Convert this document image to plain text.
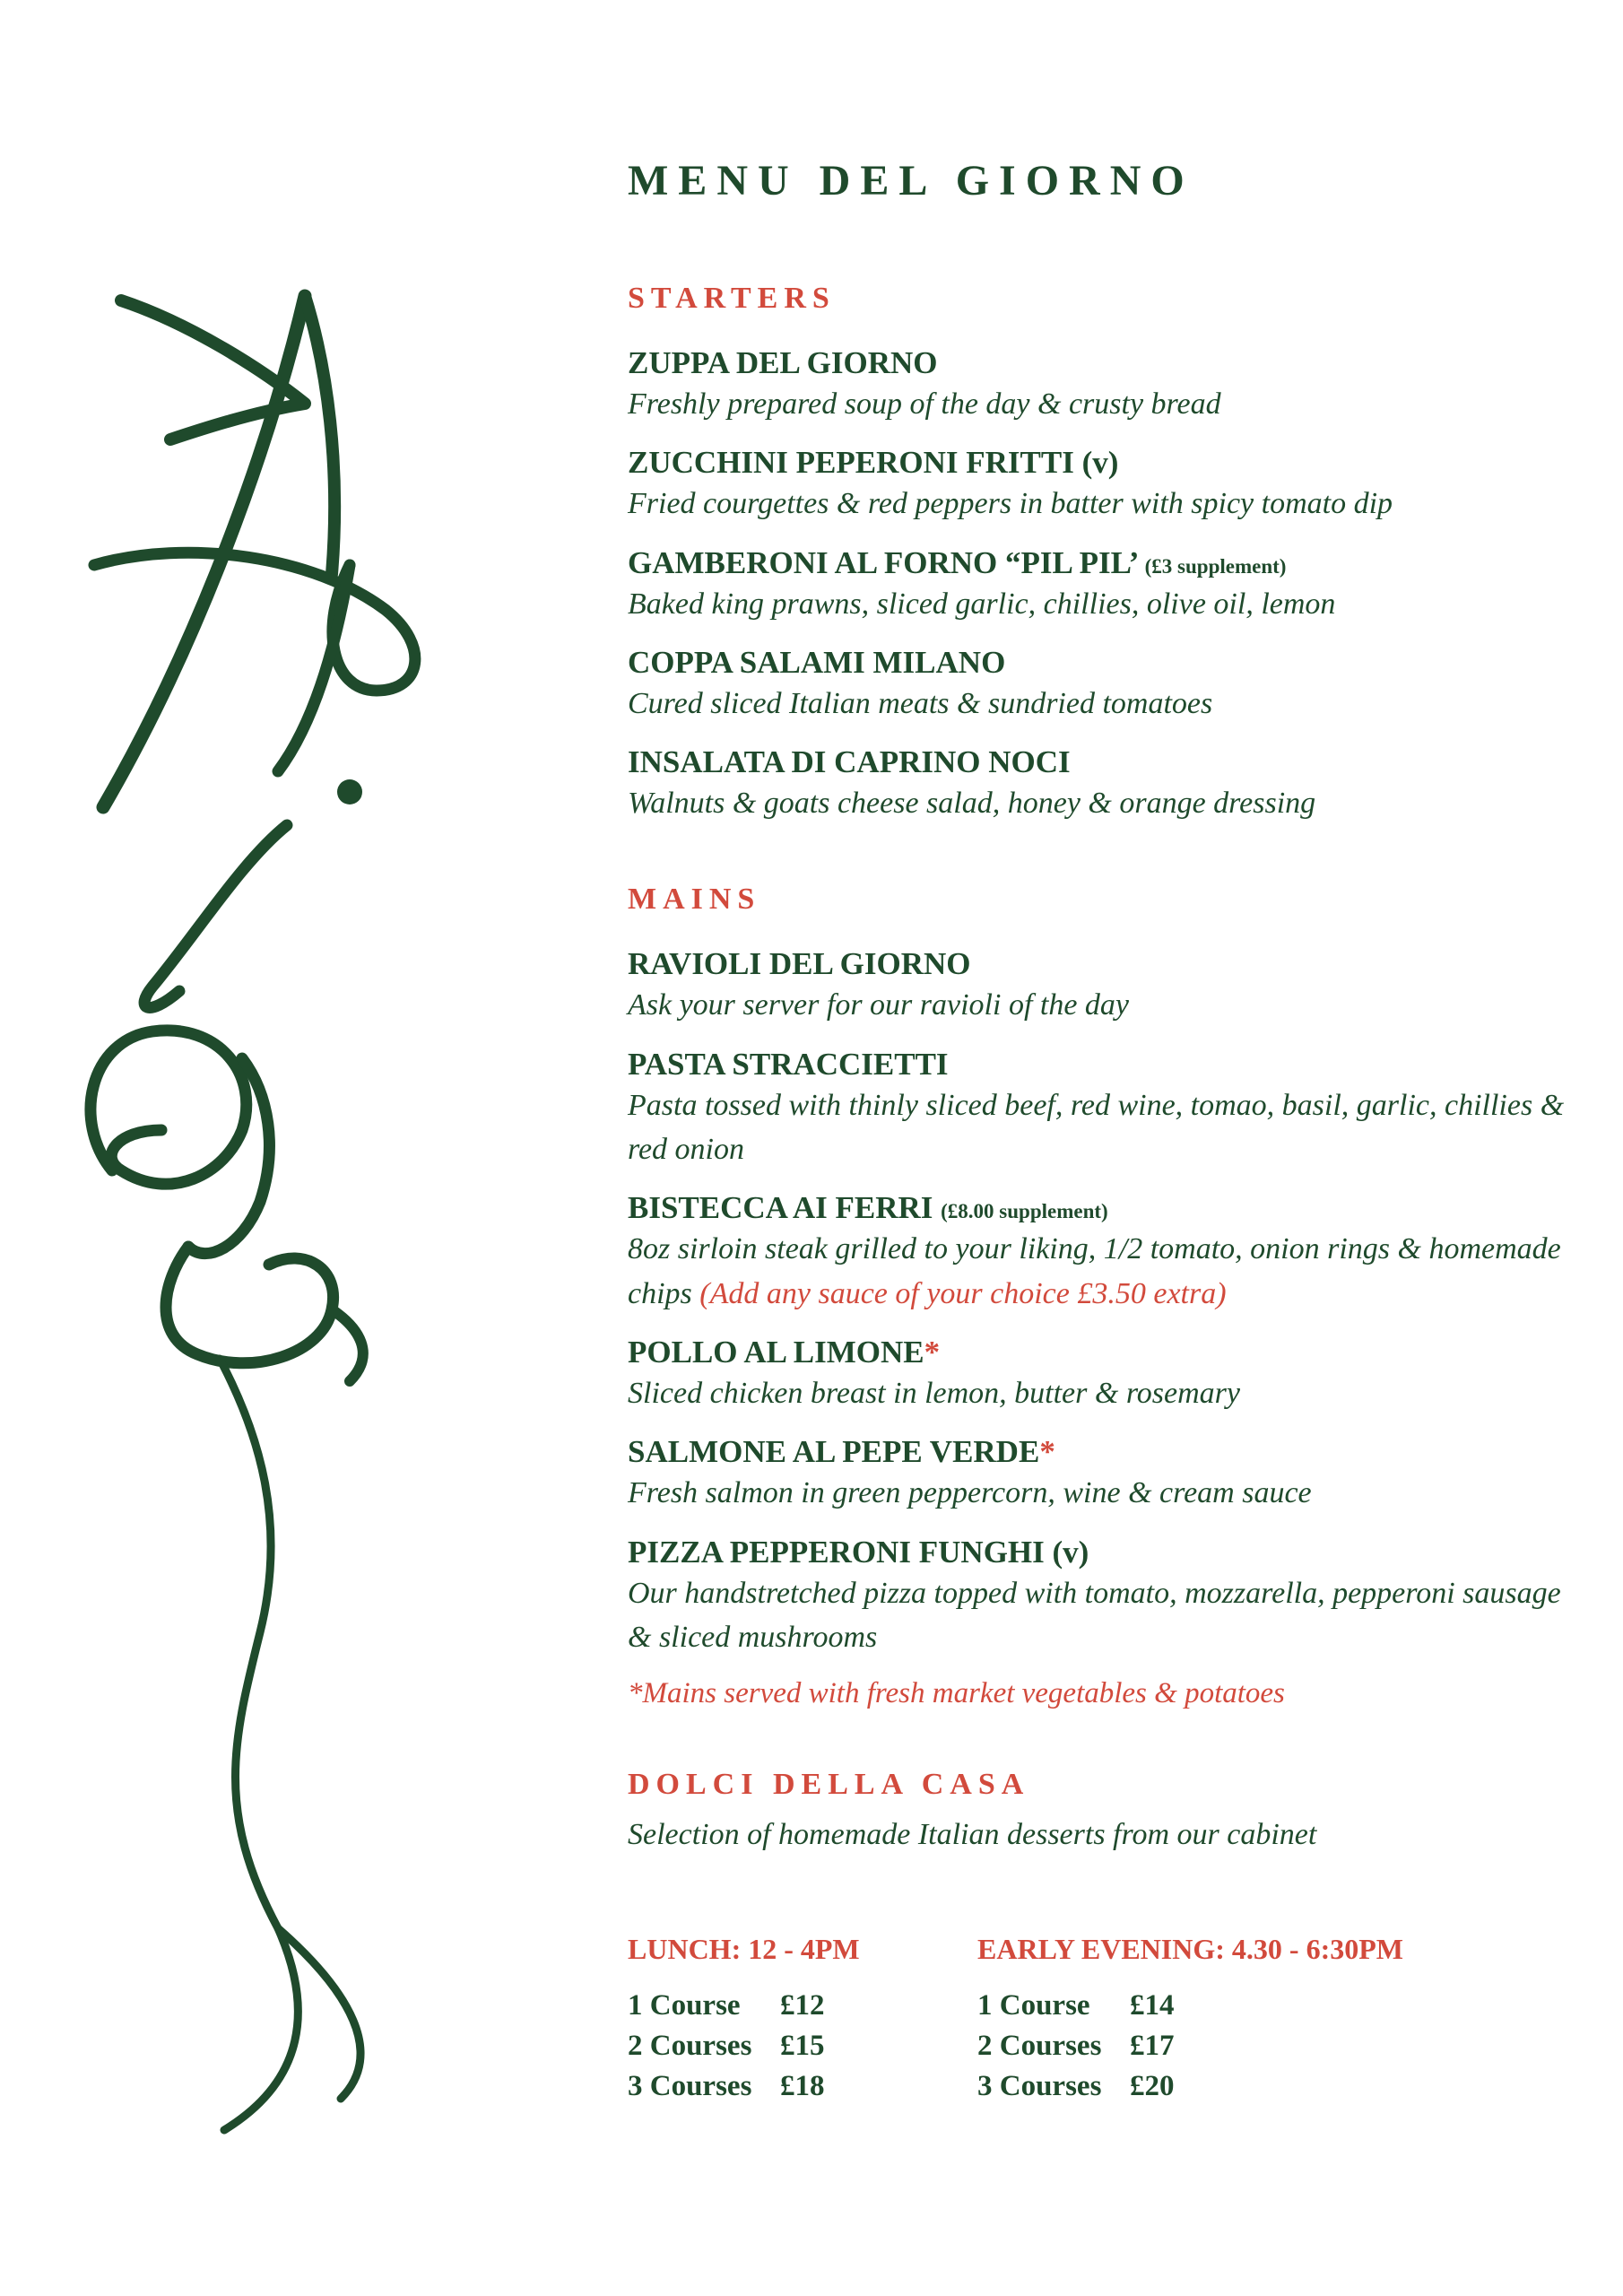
MENU DEL GIORNO
STARTERS
ZUPPA DEL GIORNO
Freshly prepared soup of the day & crusty bread
ZUCCHINI PEPERONI FRITTI (v)
Fried courgettes & red peppers in batter with spicy tomato dip
GAMBERONI AL FORNO “PIL PIL’ (£3 supplement)
Baked king prawns, sliced garlic, chillies, olive oil, lemon
COPPA SALAMI MILANO
Cured sliced Italian meats & sundried tomatoes
INSALATA DI CAPRINO NOCI
Walnuts & goats cheese salad, honey & orange dressing
MAINS
RAVIOLI DEL GIORNO
Ask your server for our ravioli of the day
PASTA STRACCIETTI
Pasta tossed with thinly sliced beef, red wine, tomao, basil, garlic, chillies & red onion
BISTECCA AI FERRI (£8.00 supplement)
8oz sirloin steak grilled to your liking, 1/2 tomato, onion rings & homemade chips (Add any sauce of your choice £3.50 extra)
POLLO AL LIMONE*
Sliced chicken breast in lemon, butter & rosemary
SALMONE AL PEPE VERDE*
Fresh salmon in green peppercorn, wine & cream sauce
PIZZA PEPPERONI FUNGHI (v)
Our handstretched pizza topped with tomato, mozzarella, pepperoni sausage & sliced mushrooms
*Mains served with fresh market vegetables & potatoes
DOLCI DELLA CASA
Selection of homemade Italian desserts from our cabinet
LUNCH: 12 - 4PM
1 Course	£12
2 Courses £15
3 Courses £18
EARLY EVENING: 4.30 - 6:30PM
1 Course	£14
2 Courses £17
3 Courses £20
